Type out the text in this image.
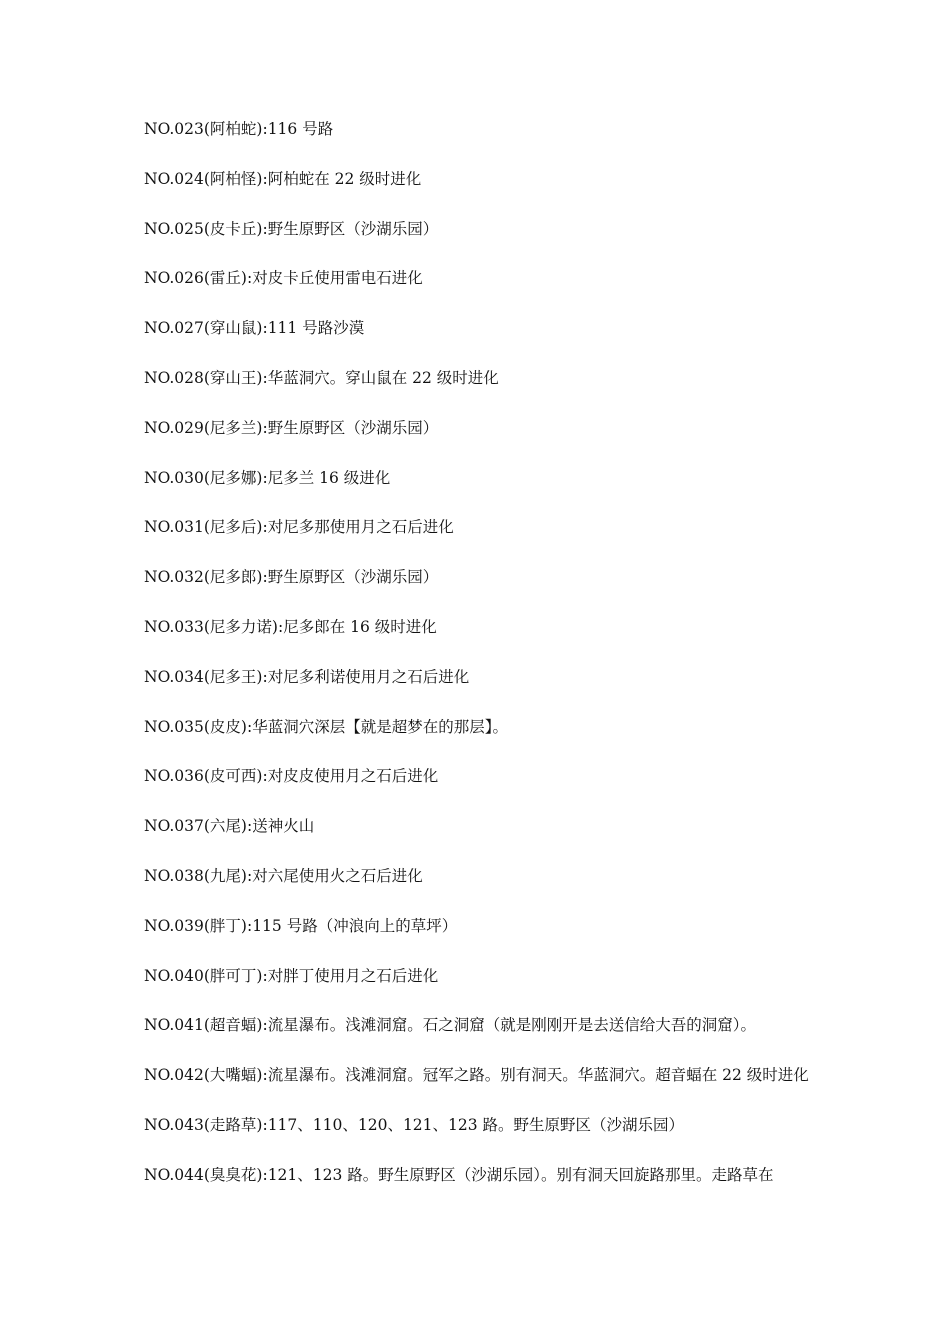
NO.023(阿柏蛇):116 号路

NO.024(阿柏怪):阿柏蛇在 22 级时进化

NO.025(皮卡丘):野生原野区（沙湖乐园）

NO.026(雷丘):对皮卡丘使用雷电石进化

NO.027(穿山鼠):111 号路沙漠

NO.028(穿山王):华蓝洞穴。穿山鼠在 22 级时进化

NO.029(尼多兰):野生原野区（沙湖乐园）

NO.030(尼多娜):尼多兰 16 级进化

NO.031(尼多后):对尼多那使用月之石后进化

NO.032(尼多郎):野生原野区（沙湖乐园）

NO.033(尼多力诺):尼多郎在 16 级时进化

NO.034(尼多王):对尼多利诺使用月之石后进化

NO.035(皮皮):华蓝洞穴深层【就是超梦在的那层】。

NO.036(皮可西):对皮皮使用月之石后进化

NO.037(六尾):送神火山

NO.038(九尾):对六尾使用火之石后进化

NO.039(胖丁):115 号路（冲浪向上的草坪）

NO.040(胖可丁):对胖丁使用月之石后进化

NO.041(超音蝠):流星瀑布。浅滩洞窟。石之洞窟（就是刚刚开是去送信给大吾的洞窟）。

NO.042(大嘴蝠):流星瀑布。浅滩洞窟。冠军之路。别有洞天。华蓝洞穴。超音蝠在 22 级时进化

NO.043(走路草):117、110、120、121、123 路。野生原野区（沙湖乐园）

NO.044(臭臭花):121、123 路。野生原野区（沙湖乐园）。别有洞天回旋路那里。走路草在
